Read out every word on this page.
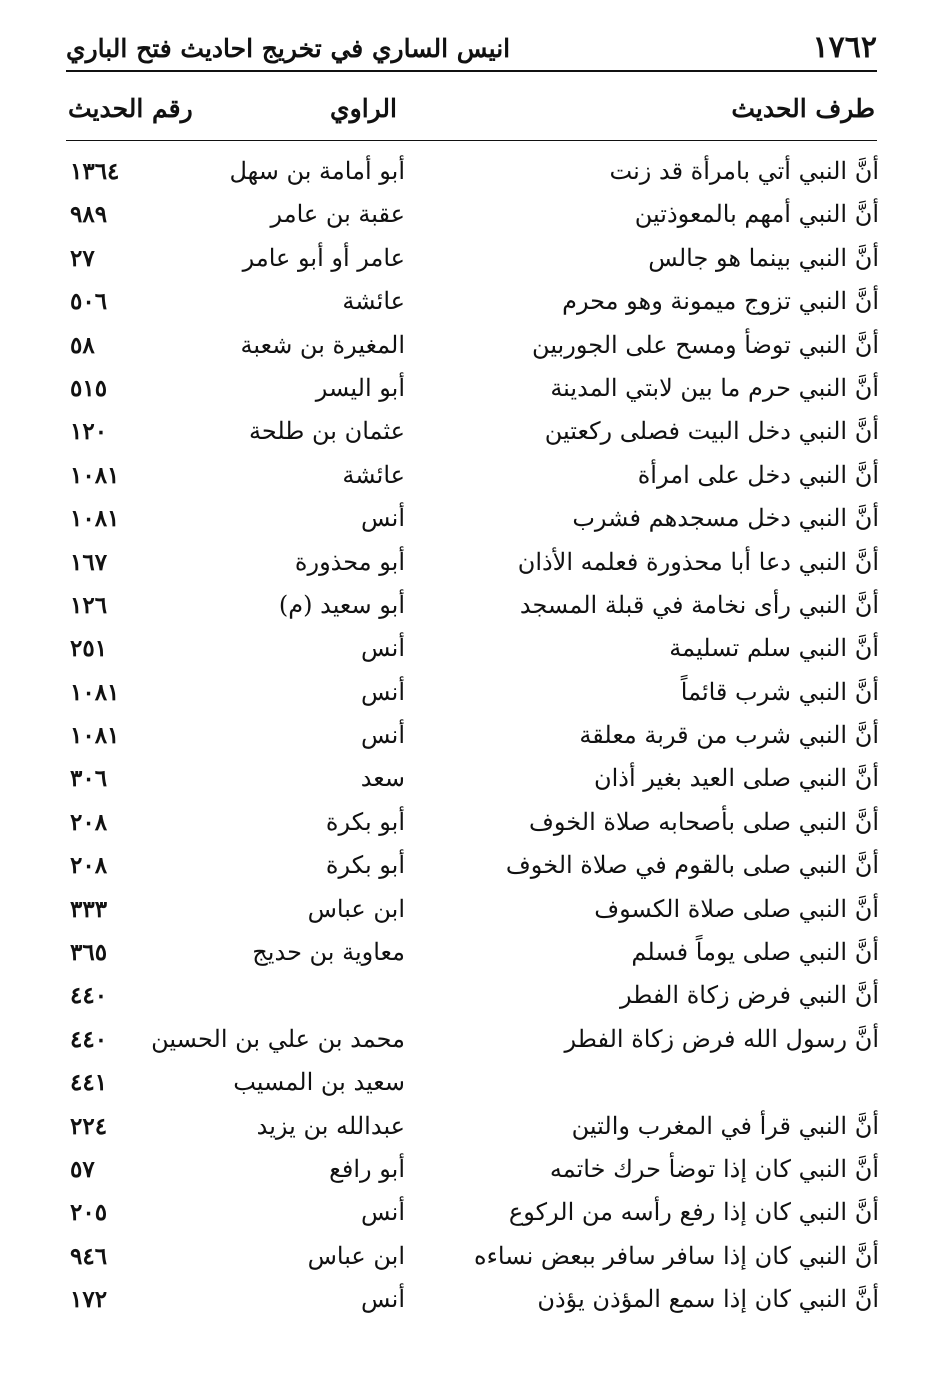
١٧٦٢
انيس الساري في تخريج احاديث فتح الباري
طرف الحديث
الراوي
رقم الحديث
أنَّ النبي أتي بامرأة قد زنت
أبو أمامة بن سهل
١٣٦٤
أنَّ النبي أمهم بالمعوذتين
عقبة بن عامر
٩٨٩
أنَّ النبي بينما هو جالس
عامر أو أبو عامر
٢٧
أنَّ النبي تزوج ميمونة وهو محرم
عائشة
٥٠٦
أنَّ النبي توضأ ومسح على الجوربين
المغيرة بن شعبة
٥٨
أنَّ النبي حرم ما بين لابتي المدينة
أبو اليسر
٥١٥
أنَّ النبي دخل البيت فصلى ركعتين
عثمان بن طلحة
١٢٠
أنَّ النبي دخل على امرأة
عائشة
١٠٨١
أنَّ النبي دخل مسجدهم فشرب
أنس
١٠٨١
أنَّ النبي دعا أبا محذورة فعلمه الأذان
أبو محذورة
١٦٧
أنَّ النبي رأى نخامة في قبلة المسجد
أبو سعيد (م)
١٢٦
أنَّ النبي سلم تسليمة
أنس
٢٥١
أنَّ النبي شرب قائماً
أنس
١٠٨١
أنَّ النبي شرب من قربة معلقة
أنس
١٠٨١
أنَّ النبي صلى العيد بغير أذان
سعد
٣٠٦
أنَّ النبي صلى بأصحابه صلاة الخوف
أبو بكرة
٢٠٨
أنَّ النبي صلى بالقوم في صلاة الخوف
أبو بكرة
٢٠٨
أنَّ النبي صلى صلاة الكسوف
ابن عباس
٣٣٣
أنَّ النبي صلى يوماً فسلم
معاوية بن حديج
٣٦٥
أنَّ النبي فرض زكاة الفطر
٤٤٠
أنَّ رسول الله فرض زكاة الفطر
محمد بن علي بن الحسين
٤٤٠
سعيد بن المسيب
٤٤١
أنَّ النبي قرأ في المغرب والتين
عبدالله بن يزيد
٢٢٤
أنَّ النبي كان إذا توضأ حرك خاتمه
أبو رافع
٥٧
أنَّ النبي كان إذا رفع رأسه من الركوع
أنس
٢٠٥
أنَّ النبي كان إذا سافر سافر ببعض نساءه
ابن عباس
٩٤٦
أنَّ النبي كان إذا سمع المؤذن يؤذن
أنس
١٧٢
